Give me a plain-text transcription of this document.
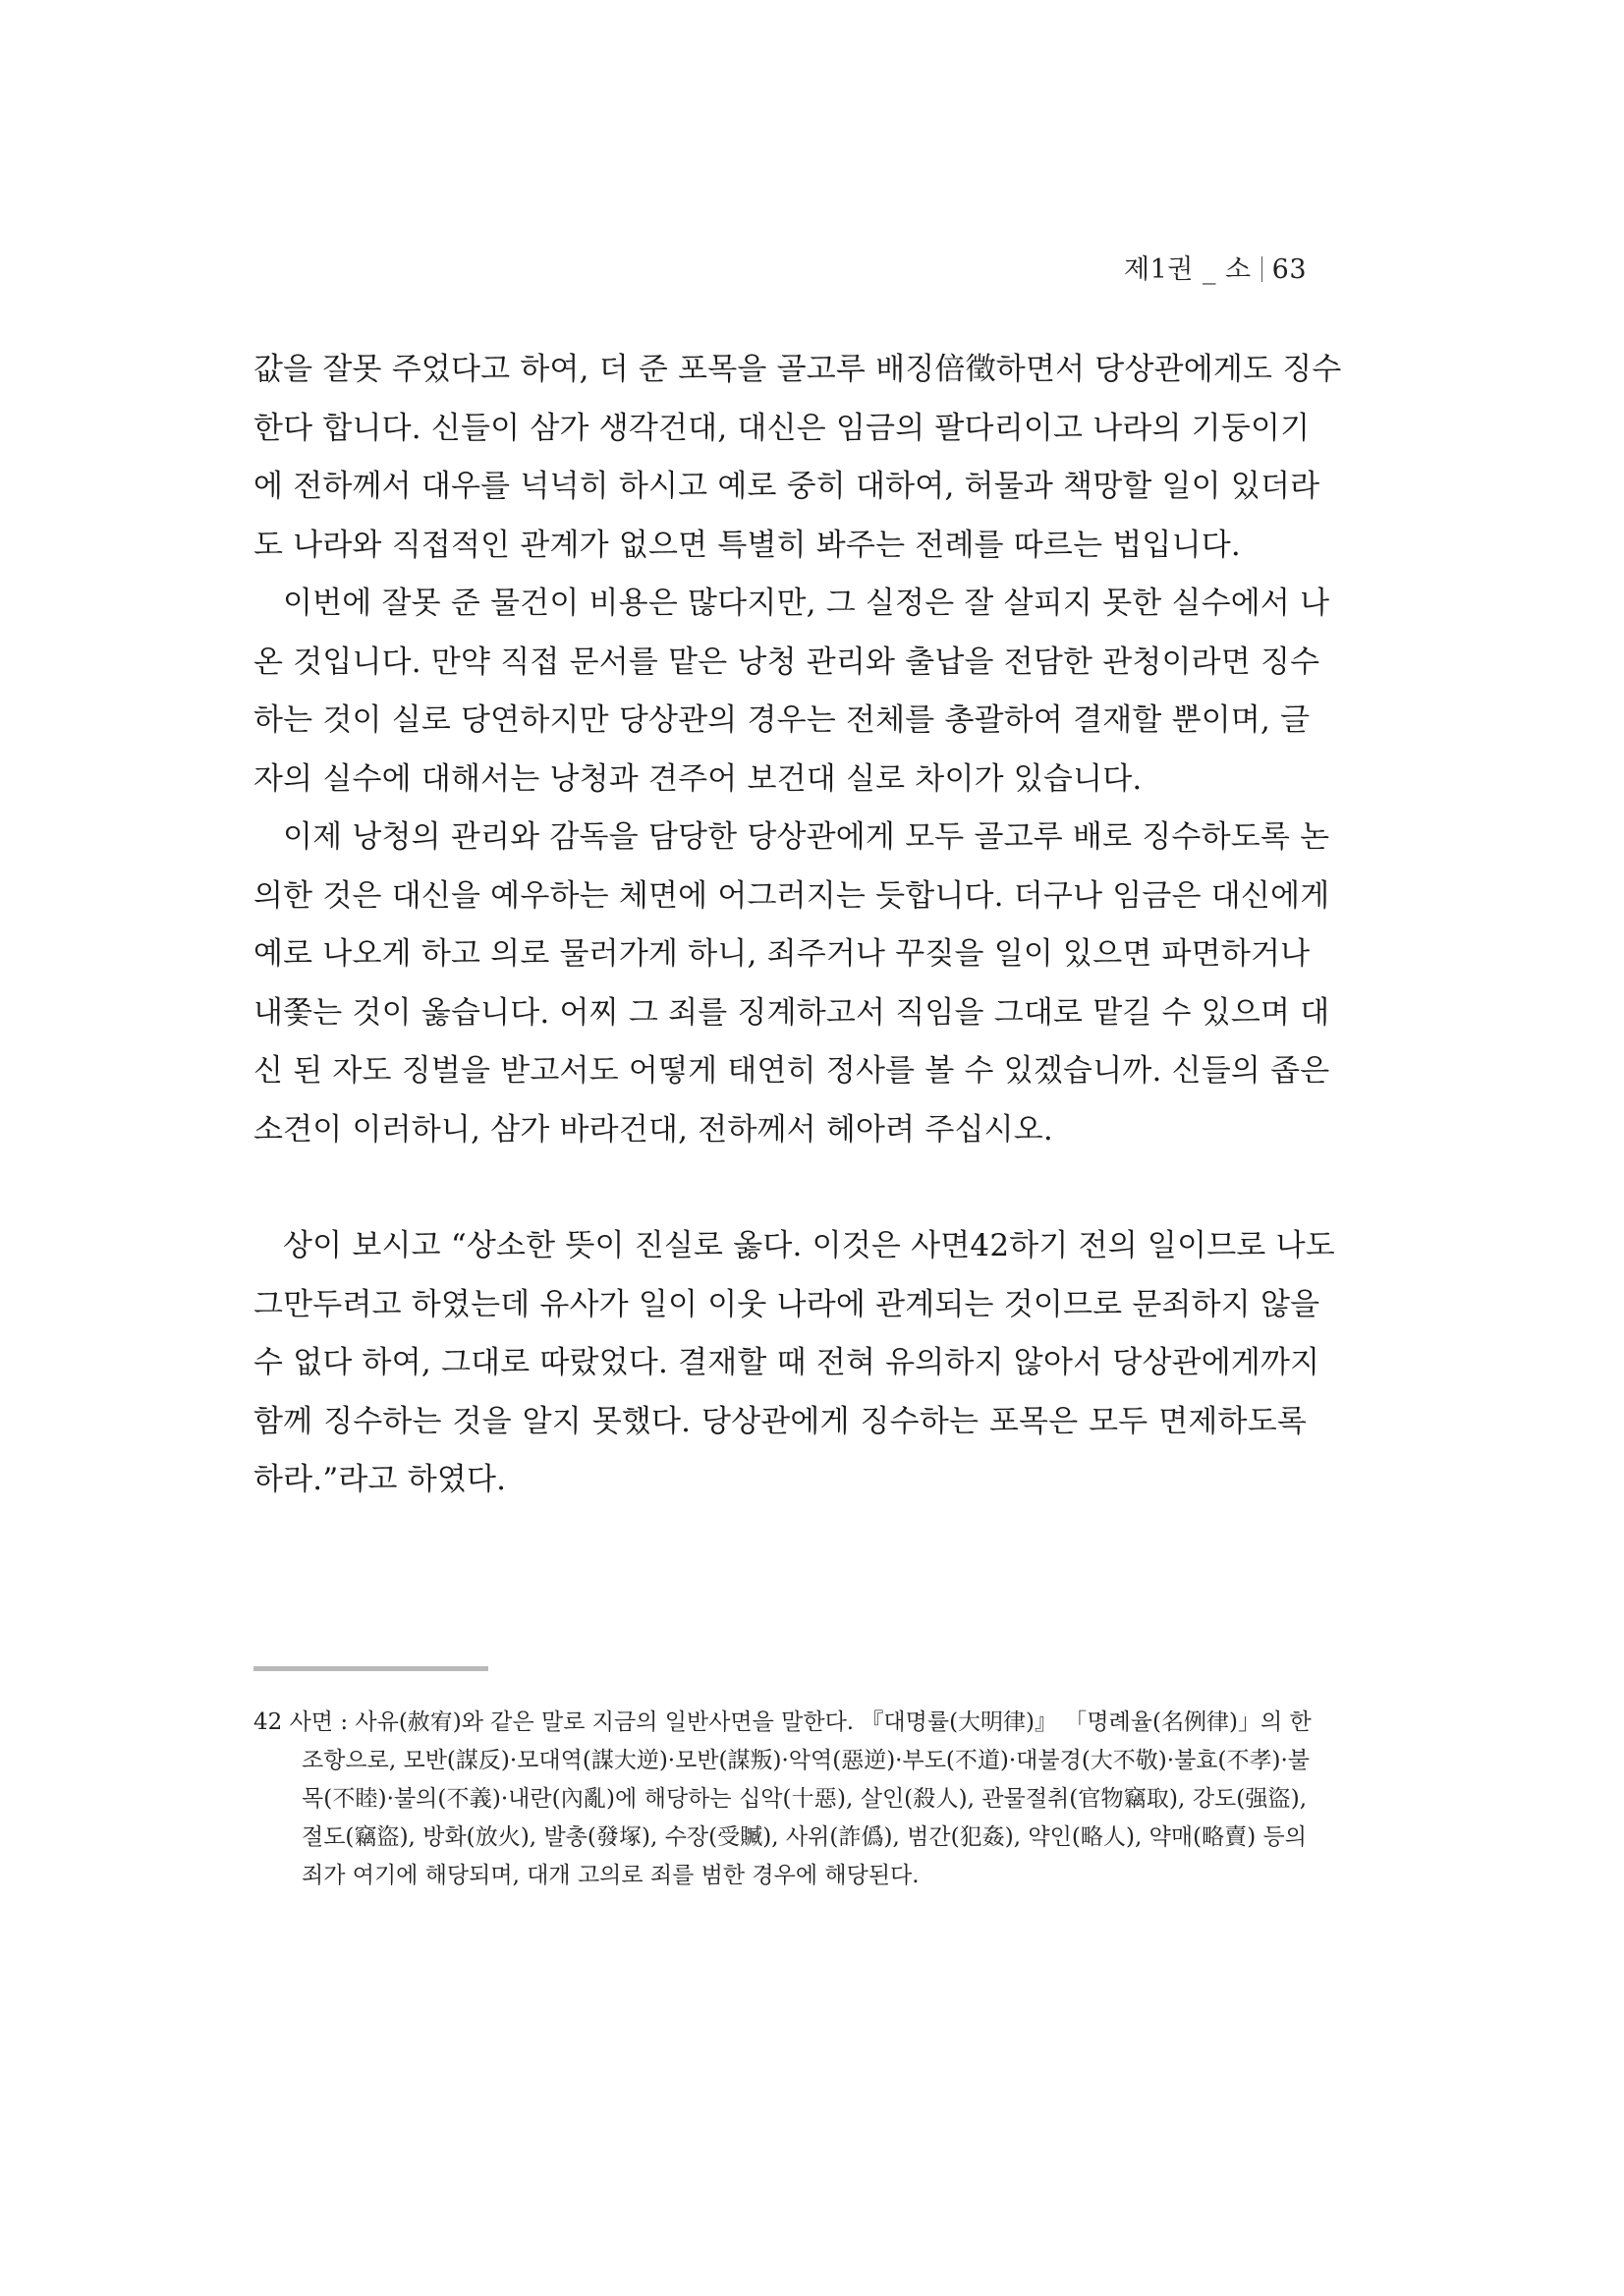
제1권 _ 소 63

값을 잘못 주었다고 하여, 더 준 포목을 골고루 배징倍徵하면서 당상관에게도 징수
한다 합니다. 신들이 삼가 생각건대, 대신은 임금의 팔다리이고 나라의 기둥이기
에 전하께서 대우를 넉넉히 하시고 예로 중히 대하여, 허물과 책망할 일이 있더라
도 나라와 직접적인 관계가 없으면 특별히 봐주는 전례를 따르는 법입니다.

이번에 잘못 준 물건이 비용은 많다지만, 그 실정은 잘 살피지 못한 실수에서 나
온 것입니다. 만약 직접 문서를 맡은 낭청 관리와 출납을 전담한 관청이라면 징수
하는 것이 실로 당연하지만 당상관의 경우는 전체를 총괄하여 결재할 뿐이며, 글
자의 실수에 대해서는 낭청과 견주어 보건대 실로 차이가 있습니다.

이제 낭청의 관리와 감독을 담당한 당상관에게 모두 골고루 배로 징수하도록 논
의한 것은 대신을 예우하는 체면에 어그러지는 듯합니다. 더구나 임금은 대신에게
예로 나오게 하고 의로 물러가게 하니, 죄주거나 꾸짖을 일이 있으면 파면하거나
내쫓는 것이 옳습니다. 어찌 그 죄를 징계하고서 직임을 그대로 맡길 수 있으며 대
신 된 자도 징벌을 받고서도 어떻게 태연히 정사를 볼 수 있겠습니까. 신들의 좁은
소견이 이러하니, 삼가 바라건대, 전하께서 헤아려 주십시오.

상이 보시고 “상소한 뜻이 진실로 옳다. 이것은 사면42하기 전의 일이므로 나도
그만두려고 하였는데 유사가 일이 이웃 나라에 관계되는 것이므로 문죄하지 않을
수 없다 하여, 그대로 따랐었다. 결재할 때 전혀 유의하지 않아서 당상관에게까지
함께 징수하는 것을 알지 못했다. 당상관에게 징수하는 포목은 모두 면제하도록
하라.”라고 하였다.

42 사면 : 사유(赦宥)와 같은 말로 지금의 일반사면을 말한다. 『대명률(大明律)』 「명례율(名例律)」의 한
조항으로, 모반(謀反)·모대역(謀大逆)·모반(謀叛)·악역(惡逆)·부도(不道)·대불경(大不敬)·불효(不孝)·불
목(不睦)·불의(不義)·내란(內亂)에 해당하는 십악(十惡), 살인(殺人), 관물절취(官物竊取), 강도(强盜),
절도(竊盜), 방화(放火), 발총(發塚), 수장(受贓), 사위(詐僞), 범간(犯姦), 약인(略人), 약매(略賣) 등의
죄가 여기에 해당되며, 대개 고의로 죄를 범한 경우에 해당된다.
